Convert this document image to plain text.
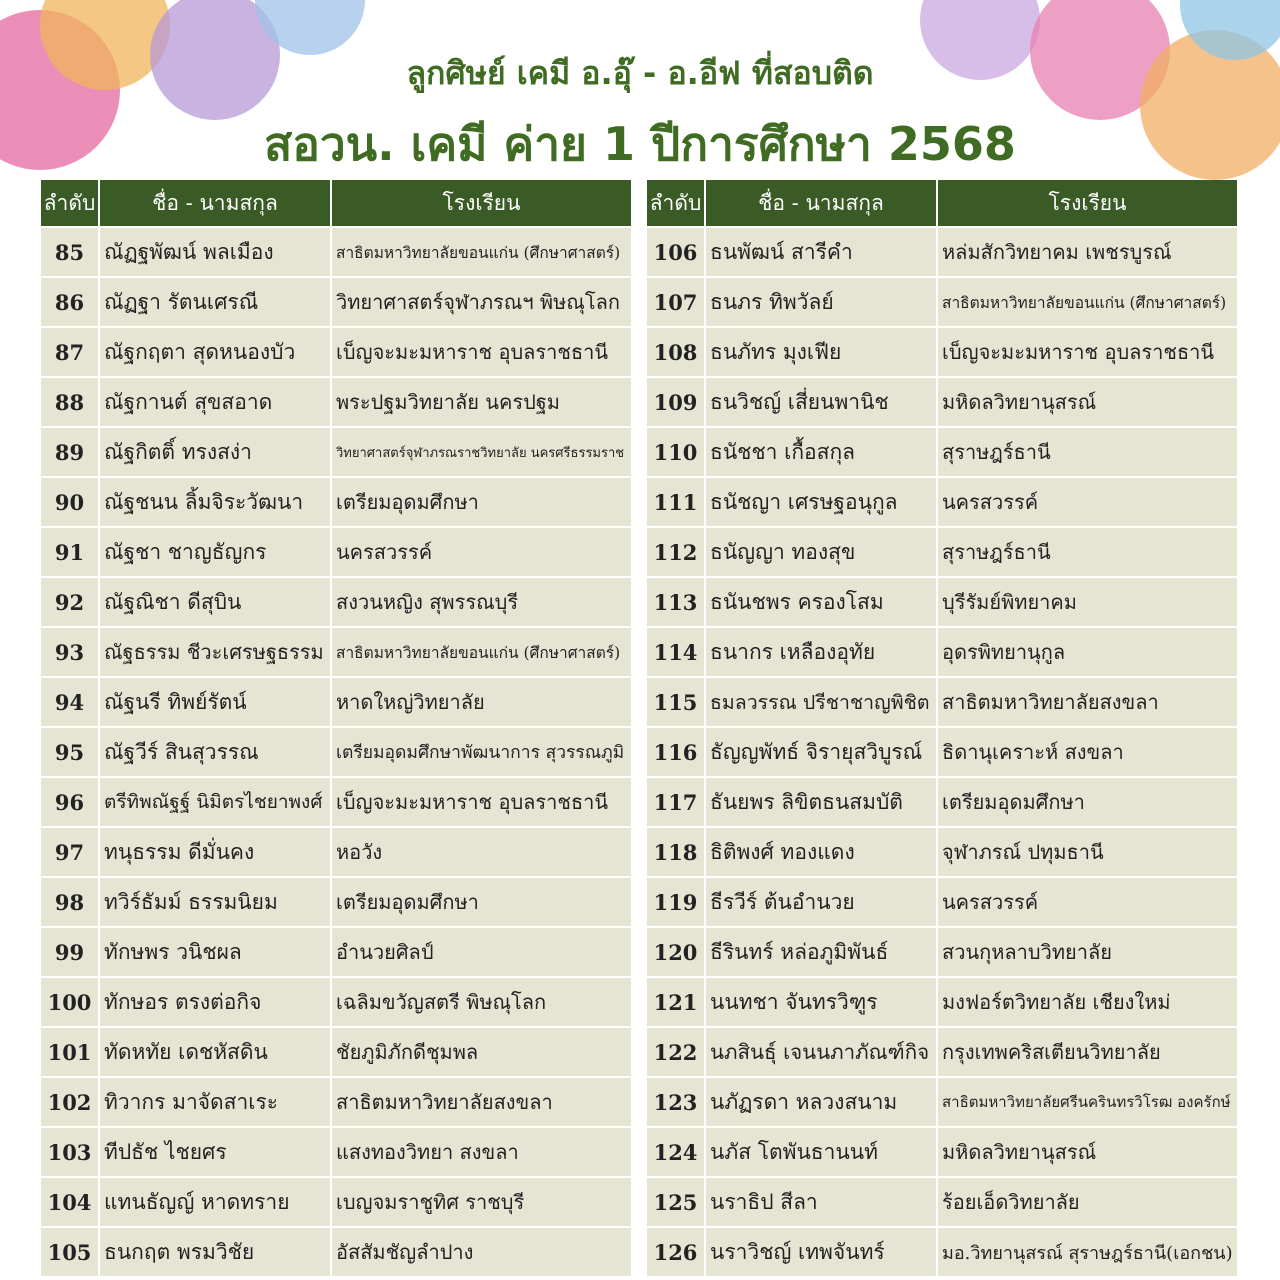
ลูกศิษย์ เคมี อ.อุ๊ - อ.อีฟ ที่สอบติด
สอวน. เคมี ค่าย 1 ปีการศึกษา 2568
ลำดับ	ชื่อ - นามสกุล	โรงเรียน
85	ณัฏฐพัฒน์ พลเมือง	สาธิตมหาวิทยาลัยขอนแก่น (ศึกษาศาสตร์)
86	ณัฏฐา รัตนเศรณี	วิทยาศาสตร์จุฬาภรณฯ พิษณุโลก
87	ณัฐกฤตา สุดหนองบัว	เบ็ญจะมะมหาราช อุบลราชธานี
88	ณัฐกานต์ สุขสอาด	พระปฐมวิทยาลัย นครปฐม
89	ณัฐกิตติ์ ทรงสง่า	วิทยาศาสตร์จุฬาภรณราชวิทยาลัย นครศรีธรรมราช
90	ณัฐชนน ลิ้มจิระวัฒนา	เตรียมอุดมศึกษา
91	ณัฐชา ชาญธัญกร	นครสวรรค์
92	ณัฐณิชา ดีสุบิน	สงวนหญิง สุพรรณบุรี
93	ณัฐธรรม ชีวะเศรษฐธรรม	สาธิตมหาวิทยาลัยขอนแก่น (ศึกษาศาสตร์)
94	ณัฐนรี ทิพย์รัตน์	หาดใหญ่วิทยาลัย
95	ณัฐวีร์ สินสุวรรณ	เตรียมอุดมศึกษาพัฒนาการ สุวรรณภูมิ
96	ตรีทิพณัฐฐ์ นิมิตรไชยาพงศ์	เบ็ญจะมะมหาราช อุบลราชธานี
97	ทนุธรรม ดีมั่นคง	หอวัง
98	ทวิร์ธัมม์ ธรรมนิยม	เตรียมอุดมศึกษา
99	ทักษพร วนิชผล	อำนวยศิลป์
100	ทักษอร ตรงต่อกิจ	เฉลิมขวัญสตรี พิษณุโลก
101	ทัดหทัย เดชหัสดิน	ชัยภูมิภักดีชุมพล
102	ทิวากร มาจัดสาเระ	สาธิตมหาวิทยาลัยสงขลา
103	ทีปธัช ไชยศร	แสงทองวิทยา สงขลา
104	แทนธัญญ์ หาดทราย	เบญจมราชูทิศ ราชบุรี
105	ธนกฤต พรมวิชัย	อัสสัมชัญลำปาง
ลำดับ	ชื่อ - นามสกุล	โรงเรียน
106	ธนพัฒน์ สารีคำ	หล่มสักวิทยาคม เพชรบูรณ์
107	ธนภร ทิพวัลย์	สาธิตมหาวิทยาลัยขอนแก่น (ศึกษาศาสตร์)
108	ธนภัทร มุงเฟีย	เบ็ญจะมะมหาราช อุบลราชธานี
109	ธนวิชญ์ เสี่ยนพานิช	มหิดลวิทยานุสรณ์
110	ธนัชชา เกื้อสกุล	สุราษฎร์ธานี
111	ธนัชญา เศรษฐอนุกูล	นครสวรรค์
112	ธนัญญา ทองสุข	สุราษฎร์ธานี
113	ธนันชพร ครองโสม	บุรีรัมย์พิทยาคม
114	ธนากร เหลืองอุทัย	อุดรพิทยานุกูล
115	ธมลวรรณ ปรีชาชาญพิชิต	สาธิตมหาวิทยาลัยสงขลา
116	ธัญญพัทธ์ จิรายุสวิบูรณ์	ธิดานุเคราะห์ สงขลา
117	ธันยพร ลิขิตธนสมบัติ	เตรียมอุดมศึกษา
118	ธิติพงศ์ ทองแดง	จุฬาภรณ์ ปทุมธานี
119	ธีรวีร์ ต้นอำนวย	นครสวรรค์
120	ธีรินทร์ หล่อภูมิพันธ์	สวนกุหลาบวิทยาลัย
121	นนทชา จันทรวิฑูร	มงฟอร์ตวิทยาลัย เชียงใหม่
122	นภสินธุ์ เจนนภาภัณฑ์กิจ	กรุงเทพคริสเตียนวิทยาลัย
123	นภัฏรดา หลวงสนาม	สาธิตมหาวิทยาลัยศรีนครินทรวิโรฒ องครักษ์
124	นภัส โตพันธานนท์	มหิดลวิทยานุสรณ์
125	นราธิป สีลา	ร้อยเอ็ดวิทยาลัย
126	นราวิชญ์ เทพจันทร์	มอ.วิทยานุสรณ์ สุราษฎร์ธานี(เอกชน)
